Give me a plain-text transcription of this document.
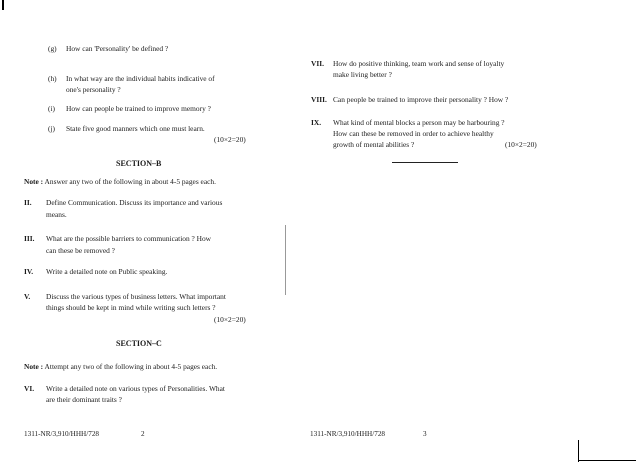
(g) How can 'Personality' be defined ?
(h) In what way are the individual habits indicative of
one's personality ?
(i) How can people be trained to improve memory ?
(j) State five good manners which one must learn.
(10×2=20)
SECTION–B
Note : Answer any two of the following in about 4-5 pages each.
II. Define Communication. Discuss its importance and various
means.
III. What are the possible barriers to communication ? How
can these be removed ?
IV. Write a detailed note on Public speaking.
V. Discuss the various types of business letters. What important
things should be kept in mind while writing such letters ?
(10×2=20)
SECTION–C
Note : Attempt any two of the following in about 4-5 pages each.
VI. Write a detailed note on various types of Personalities. What
are their dominant traits ?
1311-NR/3,910/HHH/728	2
VII. How do positive thinking, team work and sense of loyalty
make living better ?
VIII. Can people be trained to improve their personality ? How ?
IX. What kind of mental blocks a person may be harbouring ?
How can these be removed in order to achieve healthy
growth of mental abilities ?	(10×2=20)
1311-NR/3,910/HHH/728	3
